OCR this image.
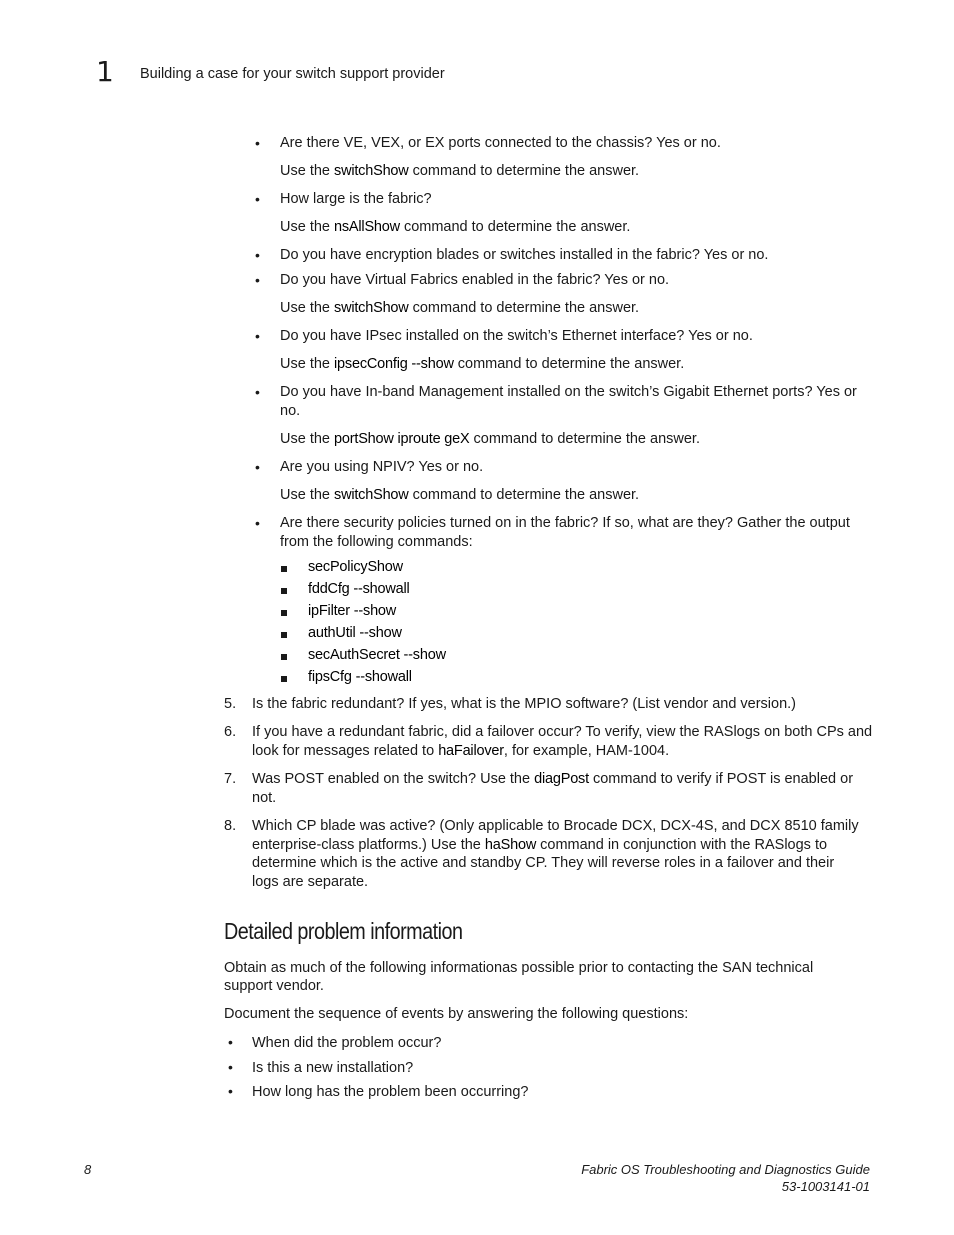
1 Building a case for your switch support provider
• Are there VE, VEX, or EX ports connected to the chassis? Yes or no.
Use the switchShow command to determine the answer.
• How large is the fabric?
Use the nsAllShow command to determine the answer.
• Do you have encryption blades or switches installed in the fabric? Yes or no.
• Do you have Virtual Fabrics enabled in the fabric? Yes or no.
Use the switchShow command to determine the answer.
• Do you have IPsec installed on the switch’s Ethernet interface? Yes or no.
Use the ipsecConfig --show command to determine the answer.
• Do you have In-band Management installed on the switch’s Gigabit Ethernet ports? Yes or
no.
Use the portShow iproute geX command to determine the answer.
• Are you using NPIV? Yes or no.
Use the switchShow command to determine the answer.
• Are there security policies turned on in the fabric? If so, what are they? Gather the output
from the following commands:
secPolicyShow
fddCfg --showall
ipFilter --show
authUtil --show
secAuthSecret --show
fipsCfg --showall
5. Is the fabric redundant? If yes, what is the MPIO software? (List vendor and version.)
6. If you have a redundant fabric, did a failover occur? To verify, view the RASlogs on both CPs and
look for messages related to haFailover, for example, HAM-1004.
7. Was POST enabled on the switch? Use the diagPost command to verify if POST is enabled or
not.
8. Which CP blade was active? (Only applicable to Brocade DCX, DCX-4S, and DCX 8510 family
enterprise-class platforms.) Use the haShow command in conjunction with the RASlogs to
determine which is the active and standby CP. They will reverse roles in a failover and their
logs are separate.
Detailed problem information
Obtain as much of the following informationas possible prior to contacting the SAN technical
support vendor.
Document the sequence of events by answering the following questions:
• When did the problem occur?
• Is this a new installation?
• How long has the problem been occurring?
8	Fabric OS Troubleshooting and Diagnostics Guide
53-1003141-01
